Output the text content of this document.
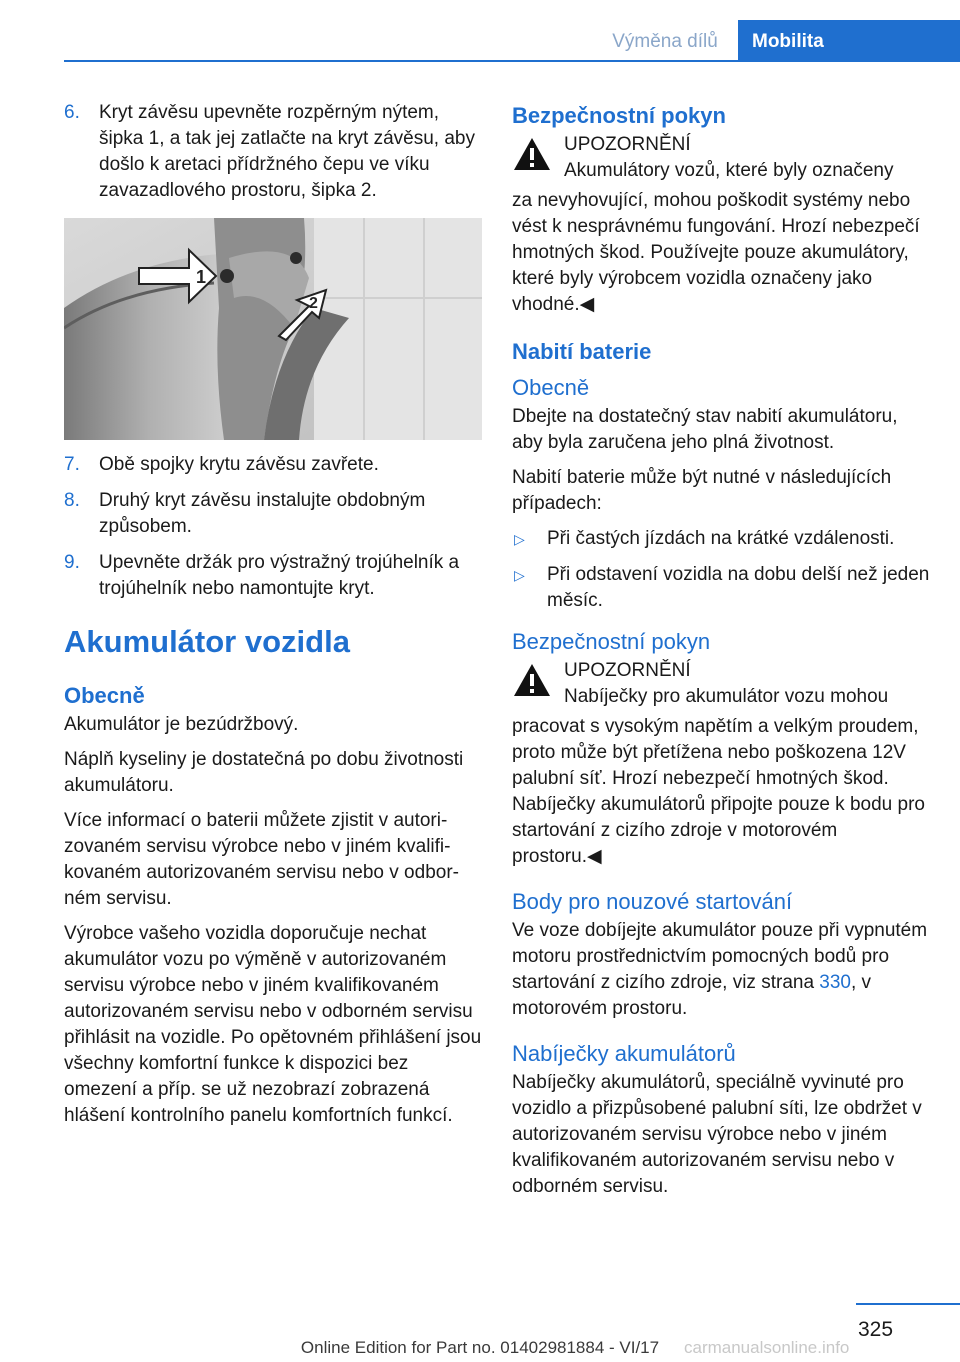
Výměna dílů	Mobilita
6. Kryt závěsu upevněte rozpěrným nýtem, šipka 1, a tak jej zatlačte na kryt závěsu, aby došlo k aretaci přídržného čepu ve víku zavazadlového prostoru, šipka 2.
1
2
7. Obě spojky krytu závěsu zavřete.
8. Druhý kryt závěsu instalujte obdobným způsobem.
9. Upevněte držák pro výstražný trojúhelník a trojúhelník nebo namontujte kryt.
Akumulátor vozidla
Obecně

Akumulátor je bezúdržbový.

Náplň kyseliny je dostatečná po dobu životnosti akumulátoru.

Více informací o baterii můžete zjistit v autorizovaném servisu výrobce nebo v jiném kvalifikovaném autorizovaném servisu nebo v odborném servisu.

Výrobce vašeho vozidla doporučuje nechat akumulátor vozu po výměně v autorizovaném servisu výrobce nebo v jiném kvalifikovaném autorizovaném servisu nebo v odborném servisu přihlásit na vozidle. Po opětovném přihlášení jsou všechny komfortní funkce k dispozici bez omezení a příp. se už nezobrazí zobrazená hlášení kontrolního panelu komfortních funkcí.

Bezpečnostní pokyn
UPOZORNĚNÍ
Akumulátory vozů, které byly označeny

za nevyhovující, mohou poškodit systémy nebo vést k nesprávnému fungování. Hrozí nebezpečí hmotných škod. Používejte pouze akumulátory, které byly výrobcem vozidla označeny jako vhodné.◀

Nabití baterie
Obecně

Dbejte na dostatečný stav nabití akumulátoru, aby byla zaručena jeho plná životnost.

Nabití baterie může být nutné v následujících případech:

▷ Při častých jízdách na krátké vzdálenosti.
▷ Při odstavení vozidla na dobu delší než jeden měsíc.
Bezpečnostní pokyn
UPOZORNĚNÍ
Nabíječky pro akumulátor vozu mohou

pracovat s vysokým napětím a velkým proudem, proto může být přetížena nebo poškozena 12V palubní síť. Hrozí nebezpečí hmotných škod. Nabíječky akumulátorů připojte pouze k bodu pro startování z cizího zdroje v motorovém prostoru.◀

Body pro nouzové startování

Ve voze dobíjejte akumulátor pouze při vypnutém motoru prostřednictvím pomocných bodů pro startování z cizího zdroje, viz strana 330, v motorovém prostoru.

Nabíječky akumulátorů

Nabíječky akumulátorů, speciálně vyvinuté pro vozidlo a přizpůsobené palubní síti, lze obdržet v autorizovaném servisu výrobce nebo v jiném kvalifikovaném autorizovaném servisu nebo v odborném servisu.

325
Online Edition for Part no. 01402981884 - VI/17	carmanualsonline.info
